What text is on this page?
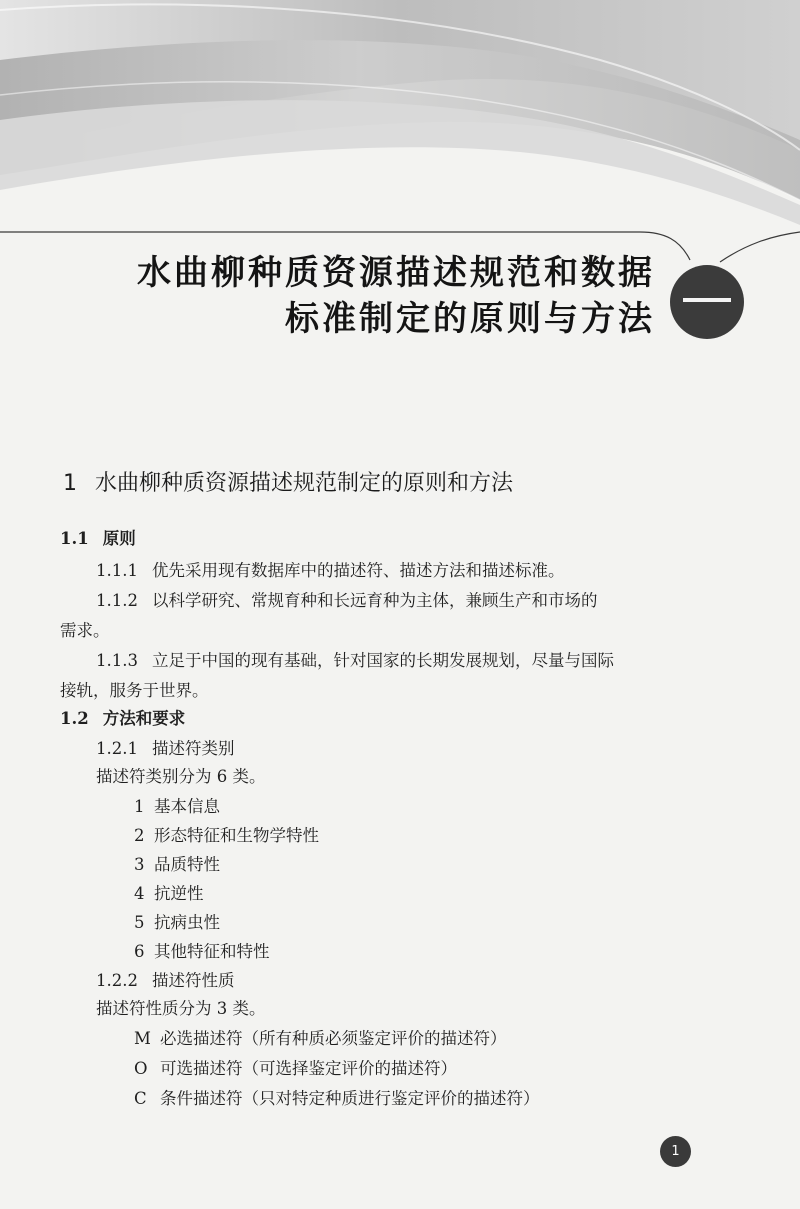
水曲柳种质资源描述规范和数据
标准制定的原则与方法
1 水曲柳种质资源描述规范制定的原则和方法
1.1 原则
1.1.1 优先采用现有数据库中的描述符、描述方法和描述标准。
1.1.2 以科学研究、常规育种和长远育种为主体，兼顾生产和市场的
需求。
1.1.3 立足于中国的现有基础，针对国家的长期发展规划，尽量与国际
接轨，服务于世界。
1.2 方法和要求
1.2.1 描述符类别
描述符类别分为 6 类。
1 基本信息
2 形态特征和生物学特性
3 品质特性
4 抗逆性
5 抗病虫性
6 其他特征和特性
1.2.2 描述符性质
描述符性质分为 3 类。
M 必选描述符（所有种质必须鉴定评价的描述符）
O 可选描述符（可选择鉴定评价的描述符）
C 条件描述符（只对特定种质进行鉴定评价的描述符）
1
